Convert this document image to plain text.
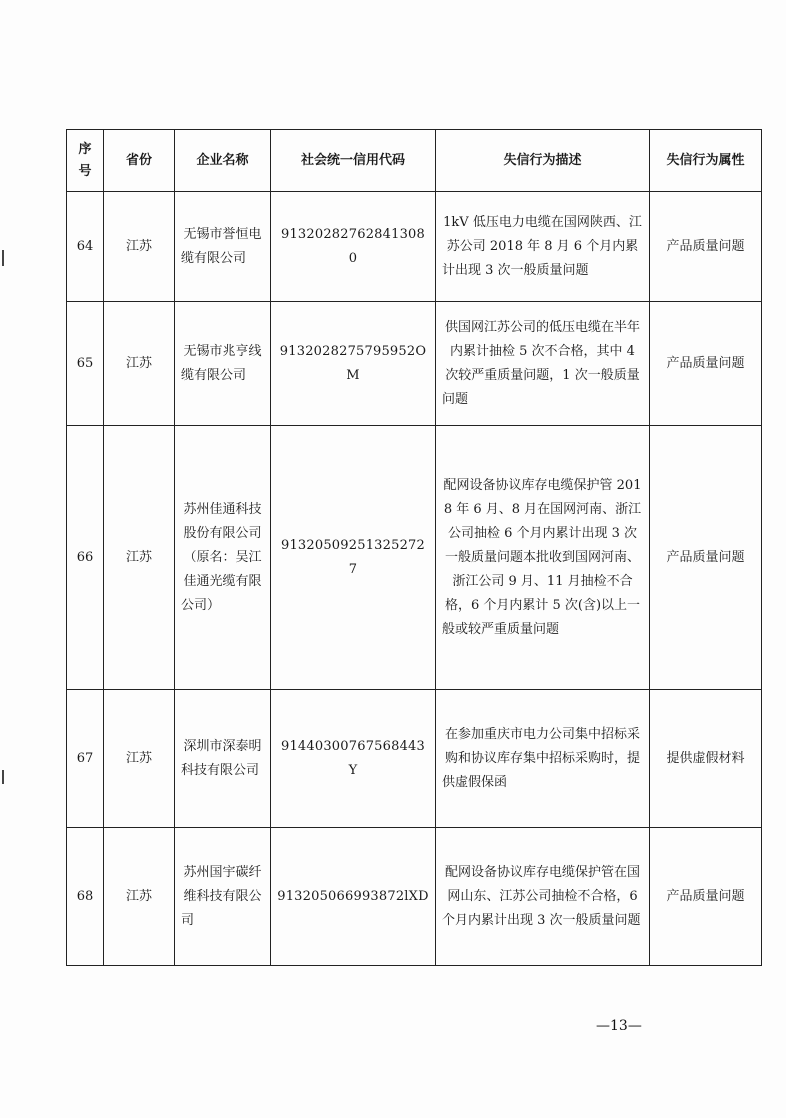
序号	省份	企业名称	社会统一信用代码	失信行为描述	失信行为属性
64	江苏	无锡市誉恒电缆有限公司	913202827628413080	1kV 低压电力电缆在国网陕西、江苏公司 2018 年 8 月 6 个月内累计出现 3 次一般质量问题	产品质量问题
65	江苏	无锡市兆亨线缆有限公司	9132028275795952OM	供国网江苏公司的低压电缆在半年内累计抽检 5 次不合格，其中 4 次较严重质量问题，1 次一般质量问题	产品质量问题
66	江苏	苏州佳通科技股份有限公司（原名：吴江佳通光缆有限公司）	913205092513252727	配网设备协议库存电缆保护管 2018 年 6 月、8 月在国网河南、浙江公司抽检 6 个月内累计出现 3 次一般质量问题本批收到国网河南、浙江公司 9 月、11 月抽检不合格，6 个月内累计 5 次(含)以上一般或较严重质量问题	产品质量问题
67	江苏	深圳市深泰明科技有限公司	91440300767568443Y	在参加重庆市电力公司集中招标采购和协议库存集中招标采购时，提供虚假保函	提供虚假材料
68	江苏	苏州国宇碳纤维科技有限公司	913205066993872lXD	配网设备协议库存电缆保护管在国网山东、江苏公司抽检不合格，6 个月内累计出现 3 次一般质量问题	产品质量问题
—13—
